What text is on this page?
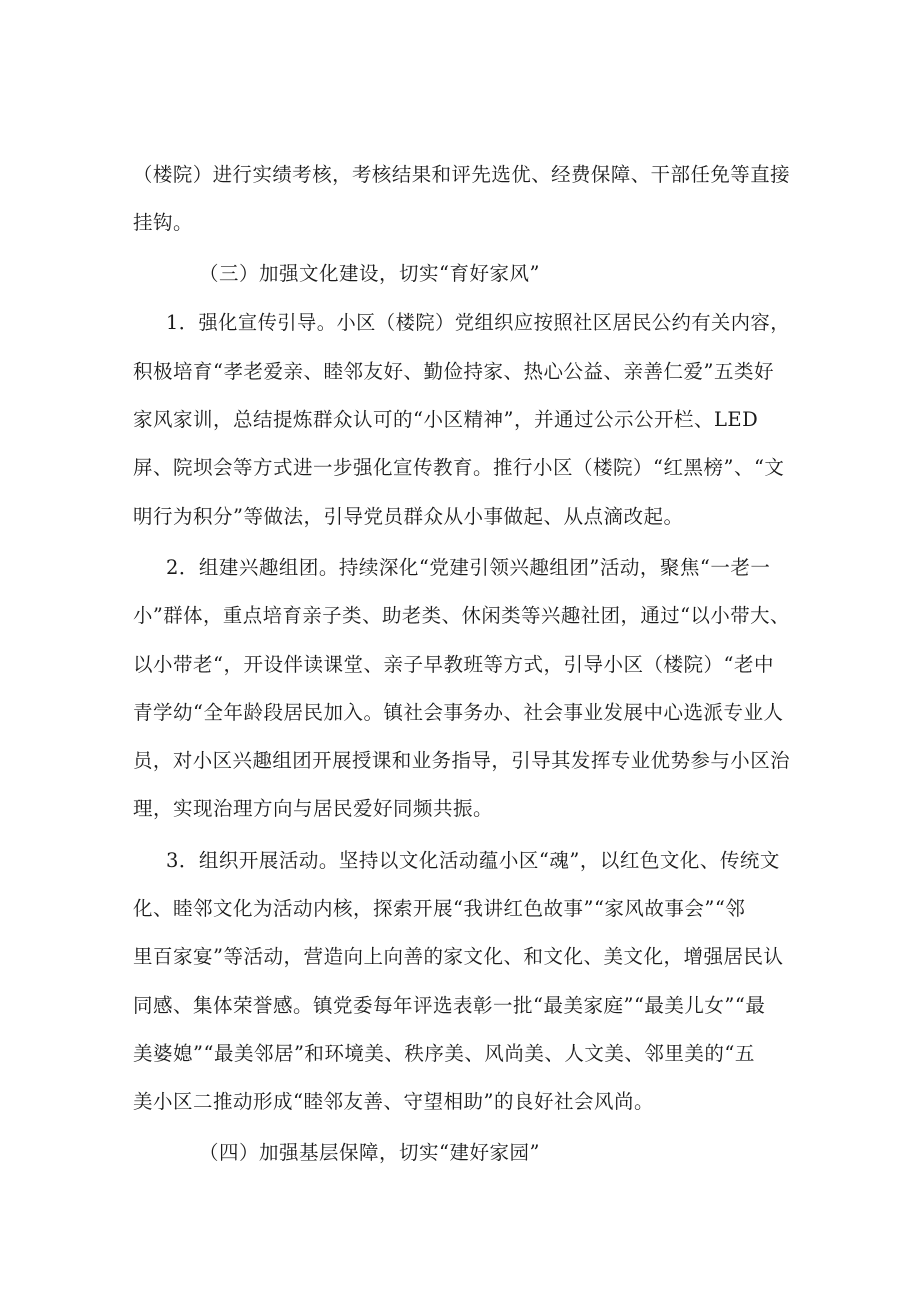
（楼院）进行实绩考核，考核结果和评先选优、经费保障、干部任免等直接
挂钩。
（三）加强文化建设，切实“育好家风”
1．强化宣传引导。小区（楼院）党组织应按照社区居民公约有关内容，
积极培育“孝老爱亲、睦邻友好、勤俭持家、热心公益、亲善仁爱”五类好
家风家训，总结提炼群众认可的“小区精神”，并通过公示公开栏、LED
屏、院坝会等方式进一步强化宣传教育。推行小区（楼院）“红黑榜”、“文
明行为积分”等做法，引导党员群众从小事做起、从点滴改起。
2．组建兴趣组团。持续深化“党建引领兴趣组团”活动，聚焦“一老一
小”群体，重点培育亲子类、助老类、休闲类等兴趣社团，通过“以小带大、
以小带老“，开设伴读课堂、亲子早教班等方式，引导小区（楼院）“老中
青学幼“全年龄段居民加入。镇社会事务办、社会事业发展中心选派专业人
员，对小区兴趣组团开展授课和业务指导，引导其发挥专业优势参与小区治
理，实现治理方向与居民爱好同频共振。
3．组织开展活动。坚持以文化活动蕴小区“魂”，以红色文化、传统文
化、睦邻文化为活动内核，探索开展“我讲红色故事”“家风故事会”“邻
里百家宴”等活动，营造向上向善的家文化、和文化、美文化，增强居民认
同感、集体荣誉感。镇党委每年评选表彰一批“最美家庭”“最美儿女”“最
美婆媳”“最美邻居”和环境美、秩序美、风尚美、人文美、邻里美的“五
美小区二推动形成“睦邻友善、守望相助”的良好社会风尚。
（四）加强基层保障，切实“建好家园”
